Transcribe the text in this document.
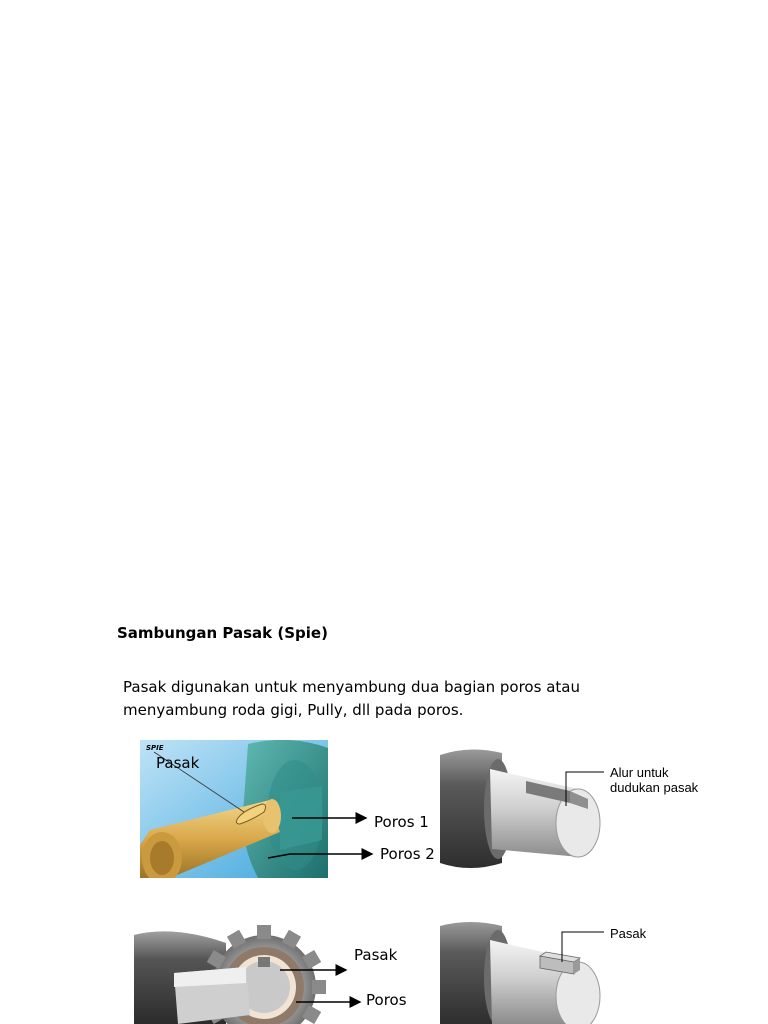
Sambungan Pasak (Spie)

Pasak digunakan untuk menyambung dua bagian poros atau
menyambung roda gigi, Pully, dll pada poros.

SPIE

Pasak

Poros 1

Poros 2

Alur untuk
dudukan pasak

Pasak

Poros

Pasak
